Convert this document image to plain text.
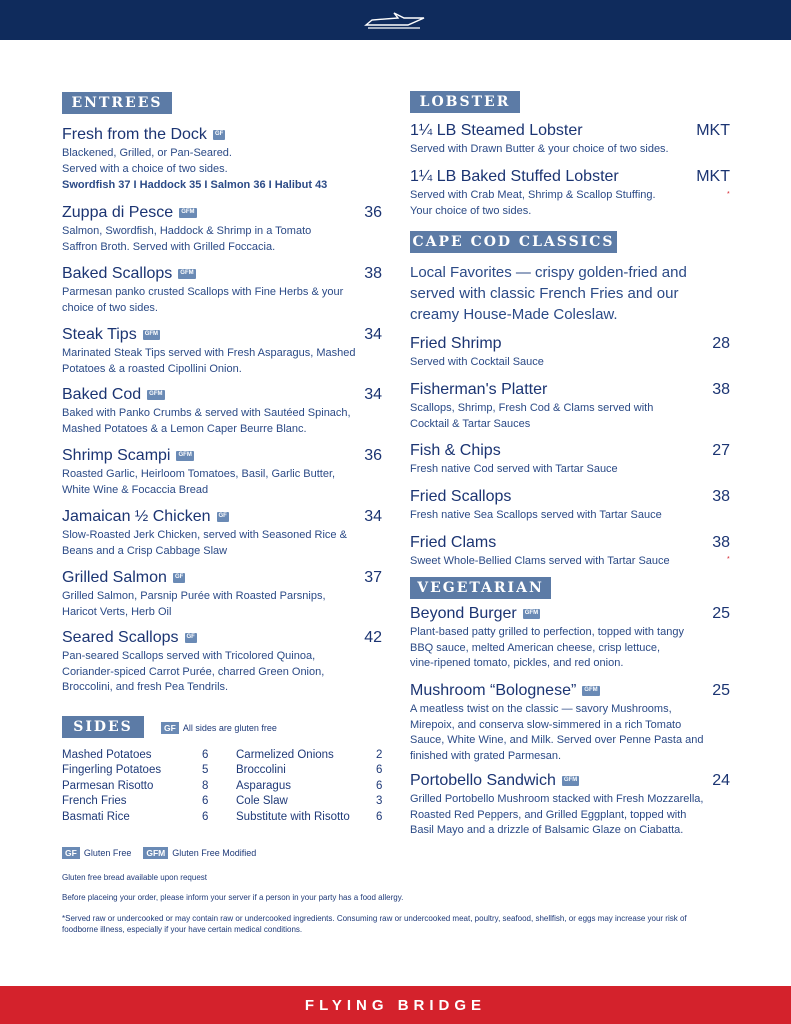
ENTREES
Fresh from the Dock	GF
Blackened, Grilled, or Pan-Seared.
Served with a choice of two sides.
Swordfish 37 I Haddock 35 I Salmon 36 I Halibut 43
Zuppa di Pesce	GFM	36
Salmon, Swordfish, Haddock & Shrimp in a Tomato
Saffron Broth. Served with Grilled Foccacia.
Baked Scallops	GFM	38
Parmesan panko crusted Scallops with Fine Herbs & your
choice of two sides.
Steak Tips	GFM	34
Marinated Steak Tips served with Fresh Asparagus, Mashed
Potatoes & a roasted Cipollini Onion.
Baked Cod	GFM	34
Baked with Panko Crumbs & served with Sautéed Spinach,
Mashed Potatoes & a Lemon Caper Beurre Blanc.
Shrimp Scampi	GFM	36
Roasted Garlic, Heirloom Tomatoes, Basil, Garlic Butter,
White Wine & Focaccia Bread
Jamaican ½ Chicken	GF	34
Slow-Roasted Jerk Chicken, served with Seasoned Rice &
Beans and a Crisp Cabbage Slaw
Grilled Salmon	GF	37
Grilled Salmon, Parsnip Purée with Roasted Parsnips,
Haricot Verts, Herb Oil
Seared Scallops	GF	42
Pan-seared Scallops served with Tricolored Quinoa,
Coriander-spiced Carrot Purée, charred Green Onion,
Broccolini, and fresh Pea Tendrils.
SIDES	GF All sides are gluten free
Mashed Potatoes	6
Fingerling Potatoes	5
Parmesan Risotto	8
French Fries	6
Basmati Rice	6
Carmelized Onions	2
Broccolini	6
Asparagus	6
Cole Slaw	3
Substitute with Risotto	6
GF Gluten Free	GFM Gluten Free Modified
Gluten free bread available upon request
Before placeing your order, please inform your server if a person in your party has a food allergy.
*Served raw or undercooked or may contain raw or undercooked ingredients. Consuming raw or undercooked meat, poultry, seafood, shellfish, or eggs may increase your risk of foodborne illness, especially if your have certain medical conditions.
LOBSTER
1¼ LB Steamed Lobster	MKT
Served with Drawn Butter & your choice of two sides.
1¼ LB Baked Stuffed Lobster	MKT
Served with Crab Meat, Shrimp & Scallop Stuffing.
Your choice of two sides.
CAPE COD CLASSICS
Local Favorites — crispy golden-fried and
served with classic French Fries and our
creamy House-Made Coleslaw.
Fried Shrimp	28
Served with Cocktail Sauce
Fisherman's Platter	38
Scallops, Shrimp, Fresh Cod & Clams served with
Cocktail & Tartar Sauces
Fish & Chips	27
Fresh native Cod served with Tartar Sauce
Fried Scallops	38
Fresh native Sea Scallops served with Tartar Sauce
Fried Clams	38
Sweet Whole-Bellied Clams served with Tartar Sauce
VEGETARIAN
Beyond Burger	GFM	25
Plant-based patty grilled to perfection, topped with tangy
BBQ sauce, melted American cheese, crisp lettuce,
vine-ripened tomato, pickles, and red onion.
Mushroom “Bolognese”	GFM	25
A meatless twist on the classic — savory Mushrooms,
Mirepoix, and conserva slow-simmered in a rich Tomato
Sauce, White Wine, and Milk. Served over Penne Pasta and
finished with grated Parmesan.
Portobello Sandwich	GFM	24
Grilled Portobello Mushroom stacked with Fresh Mozzarella,
Roasted Red Peppers, and Grilled Eggplant, topped with
Basil Mayo and a drizzle of Balsamic Glaze on Ciabatta.
*
*
FLYING BRIDGE
